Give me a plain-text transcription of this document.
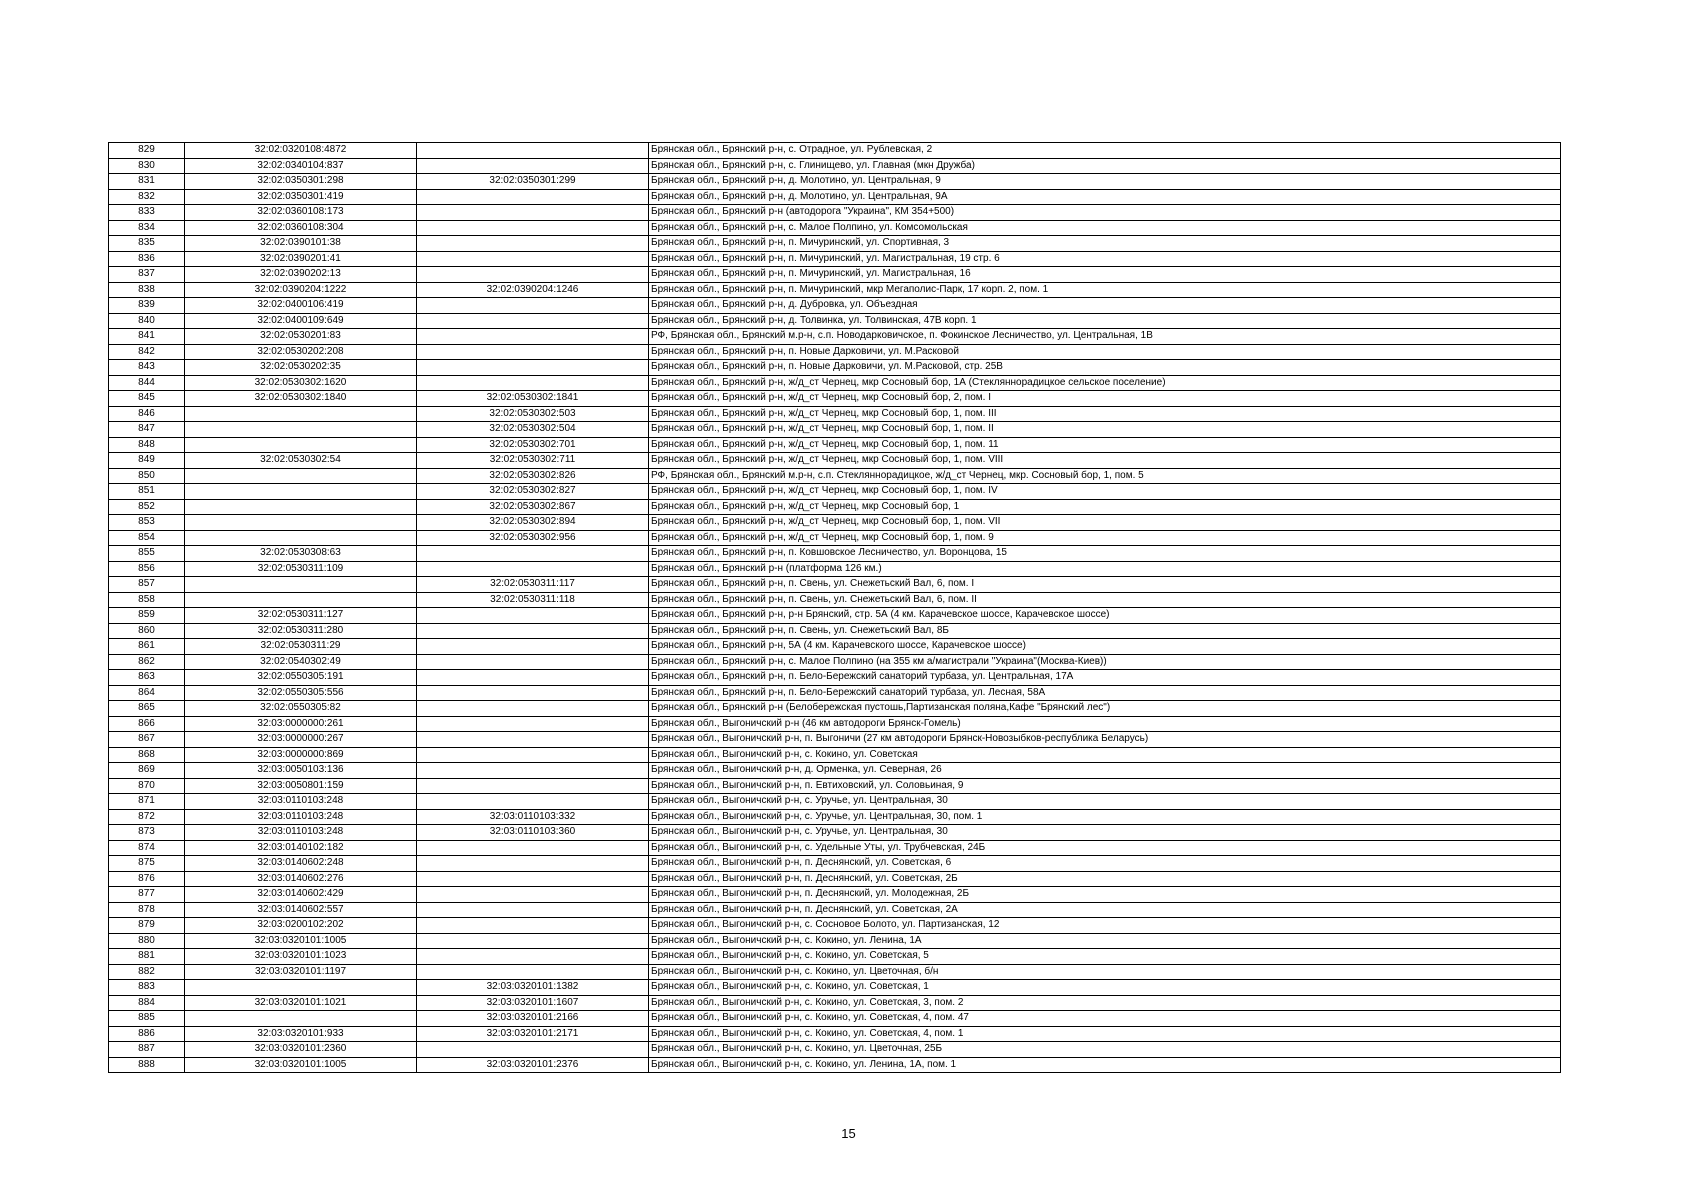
829	32:02:0320108:4872		Брянская обл., Брянский р-н, с. Отрадное, ул. Рублевская, 2
830	32:02:0340104:837		Брянская обл., Брянский р-н, с. Глинищево, ул. Главная (мкн Дружба)
831	32:02:0350301:298	32:02:0350301:299	Брянская обл., Брянский р-н, д. Молотино, ул. Центральная, 9
832	32:02:0350301:419		Брянская обл., Брянский р-н, д. Молотино, ул. Центральная, 9А
833	32:02:0360108:173		Брянская обл., Брянский р-н (автодорога "Украина", КМ 354+500)
834	32:02:0360108:304		Брянская обл., Брянский р-н, с. Малое Полпино, ул. Комсомольская
835	32:02:0390101:38		Брянская обл., Брянский р-н, п. Мичуринский, ул. Спортивная, 3
836	32:02:0390201:41		Брянская обл., Брянский р-н, п. Мичуринский, ул. Магистральная, 19 стр. 6
837	32:02:0390202:13		Брянская обл., Брянский р-н, п. Мичуринский, ул. Магистральная, 16
838	32:02:0390204:1222	32:02:0390204:1246	Брянская обл., Брянский р-н, п. Мичуринский, мкр Мегаполис-Парк, 17 корп. 2, пом. 1
839	32:02:0400106:419		Брянская обл., Брянский р-н, д. Дубровка, ул. Объездная
840	32:02:0400109:649		Брянская обл., Брянский р-н, д. Толвинка, ул. Толвинская, 47В корп. 1
841	32:02:0530201:83		РФ, Брянская обл., Брянский м.р-н, с.п. Новодарковичское, п. Фокинское Лесничество, ул. Центральная, 1В
842	32:02:0530202:208		Брянская обл., Брянский р-н, п. Новые Дарковичи, ул. М.Расковой
843	32:02:0530202:35		Брянская обл., Брянский р-н, п. Новые Дарковичи, ул. М.Расковой, стр. 25В
844	32:02:0530302:1620		Брянская обл., Брянский р-н, ж/д_ст Чернец, мкр Сосновый бор, 1А (Стекляннорадицкое сельское поселение)
845	32:02:0530302:1840	32:02:0530302:1841	Брянская обл., Брянский р-н, ж/д_ст Чернец, мкр Сосновый бор, 2, пом. I
846		32:02:0530302:503	Брянская обл., Брянский р-н, ж/д_ст Чернец, мкр Сосновый бор, 1, пом. III
847		32:02:0530302:504	Брянская обл., Брянский р-н, ж/д_ст Чернец, мкр Сосновый бор, 1, пом. II
848		32:02:0530302:701	Брянская обл., Брянский р-н, ж/д_ст Чернец, мкр Сосновый бор, 1, пом. 11
849	32:02:0530302:54	32:02:0530302:711	Брянская обл., Брянский р-н, ж/д_ст Чернец, мкр Сосновый бор, 1, пом. VIII
850		32:02:0530302:826	РФ, Брянская обл., Брянский м.р-н, с.п. Стекляннорадицкое, ж/д_ст Чернец, мкр. Сосновый бор, 1, пом. 5
851		32:02:0530302:827	Брянская обл., Брянский р-н, ж/д_ст Чернец, мкр Сосновый бор, 1, пом. IV
852		32:02:0530302:867	Брянская обл., Брянский р-н, ж/д_ст Чернец, мкр Сосновый бор, 1
853		32:02:0530302:894	Брянская обл., Брянский р-н, ж/д_ст Чернец, мкр Сосновый бор, 1, пом. VII
854		32:02:0530302:956	Брянская обл., Брянский р-н, ж/д_ст Чернец, мкр Сосновый бор, 1, пом. 9
855	32:02:0530308:63		Брянская обл., Брянский р-н, п. Ковшовское Лесничество, ул. Воронцова, 15
856	32:02:0530311:109		Брянская обл., Брянский р-н (платформа 126 км.)
857		32:02:0530311:117	Брянская обл., Брянский р-н, п. Свень, ул. Снежетьский Вал, 6, пом. I
858		32:02:0530311:118	Брянская обл., Брянский р-н, п. Свень, ул. Снежетьский Вал, 6, пом. II
859	32:02:0530311:127		Брянская обл., Брянский р-н, р-н Брянский, стр. 5А (4 км. Карачевское шоссе, Карачевское шоссе)
860	32:02:0530311:280		Брянская обл., Брянский р-н, п. Свень, ул. Снежетьский Вал, 8Б
861	32:02:0530311:29		Брянская обл., Брянский р-н, 5А (4 км. Карачевского шоссе, Карачевское шоссе)
862	32:02:0540302:49		Брянская обл., Брянский р-н, с. Малое Полпино (на 355 км а/магистрали "Украина"(Москва-Киев))
863	32:02:0550305:191		Брянская обл., Брянский р-н, п. Бело-Бережский санаторий турбаза, ул. Центральная, 17А
864	32:02:0550305:556		Брянская обл., Брянский р-н, п. Бело-Бережский санаторий турбаза, ул. Лесная, 58А
865	32:02:0550305:82		Брянская обл., Брянский р-н (Белобережская пустошь,Партизанская поляна,Кафе "Брянский лес")
866	32:03:0000000:261		Брянская обл., Выгоничский р-н (46 км автодороги Брянск-Гомель)
867	32:03:0000000:267		Брянская обл., Выгоничский р-н, п. Выгоничи (27 км автодороги Брянск-Новозыбков-республика Беларусь)
868	32:03:0000000:869		Брянская обл., Выгоничский р-н, с. Кокино, ул. Советская
869	32:03:0050103:136		Брянская обл., Выгоничский р-н, д. Орменка, ул. Северная, 26
870	32:03:0050801:159		Брянская обл., Выгоничский р-н, п. Евтиховский, ул. Соловьиная, 9
871	32:03:0110103:248		Брянская обл., Выгоничский р-н, с. Уручье, ул. Центральная, 30
872	32:03:0110103:248	32:03:0110103:332	Брянская обл., Выгоничский р-н, с. Уручье, ул. Центральная, 30, пом. 1
873	32:03:0110103:248	32:03:0110103:360	Брянская обл., Выгоничский р-н, с. Уручье, ул. Центральная, 30
874	32:03:0140102:182		Брянская обл., Выгоничский р-н, с. Удельные Уты, ул. Трубчевская, 24Б
875	32:03:0140602:248		Брянская обл., Выгоничский р-н, п. Деснянский, ул. Советская, 6
876	32:03:0140602:276		Брянская обл., Выгоничский р-н, п. Деснянский, ул. Советская, 2Б
877	32:03:0140602:429		Брянская обл., Выгоничский р-н, п. Деснянский, ул. Молодежная, 2Б
878	32:03:0140602:557		Брянская обл., Выгоничский р-н, п. Деснянский, ул. Советская, 2А
879	32:03:0200102:202		Брянская обл., Выгоничский р-н, с. Сосновое Болото, ул. Партизанская, 12
880	32:03:0320101:1005		Брянская обл., Выгоничский р-н, с. Кокино, ул. Ленина, 1А
881	32:03:0320101:1023		Брянская обл., Выгоничский р-н, с. Кокино, ул. Советская, 5
882	32:03:0320101:1197		Брянская обл., Выгоничский р-н, с. Кокино, ул. Цветочная, б/н
883		32:03:0320101:1382	Брянская обл., Выгоничский р-н, с. Кокино, ул. Советская, 1
884	32:03:0320101:1021	32:03:0320101:1607	Брянская обл., Выгоничский р-н, с. Кокино, ул. Советская, 3, пом. 2
885		32:03:0320101:2166	Брянская обл., Выгоничский р-н, с. Кокино, ул. Советская, 4, пом. 47
886	32:03:0320101:933	32:03:0320101:2171	Брянская обл., Выгоничский р-н, с. Кокино, ул. Советская, 4, пом. 1
887	32:03:0320101:2360		Брянская обл., Выгоничский р-н, с. Кокино, ул. Цветочная, 25Б
888	32:03:0320101:1005	32:03:0320101:2376	Брянская обл., Выгоничский р-н, с. Кокино, ул. Ленина, 1А, пом. 1
15
